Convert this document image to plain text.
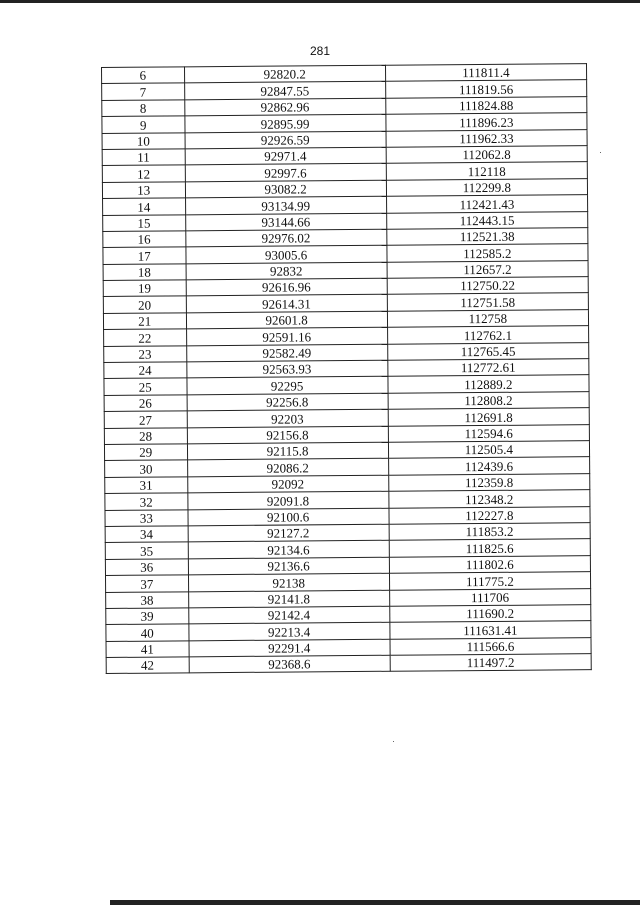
281
6	92820.2	111811.4
7	92847.55	111819.56
8	92862.96	111824.88
9	92895.99	111896.23
10	92926.59	111962.33
11	92971.4	112062.8
12	92997.6	112118
13	93082.2	112299.8
14	93134.99	112421.43
15	93144.66	112443.15
16	92976.02	112521.38
17	93005.6	112585.2
18	92832	112657.2
19	92616.96	112750.22
20	92614.31	112751.58
21	92601.8	112758
22	92591.16	112762.1
23	92582.49	112765.45
24	92563.93	112772.61
25	92295	112889.2
26	92256.8	112808.2
27	92203	112691.8
28	92156.8	112594.6
29	92115.8	112505.4
30	92086.2	112439.6
31	92092	112359.8
32	92091.8	112348.2
33	92100.6	112227.8
34	92127.2	111853.2
35	92134.6	111825.6
36	92136.6	111802.6
37	92138	111775.2
38	92141.8	111706
39	92142.4	111690.2
40	92213.4	111631.41
41	92291.4	111566.6
42	92368.6	111497.2
